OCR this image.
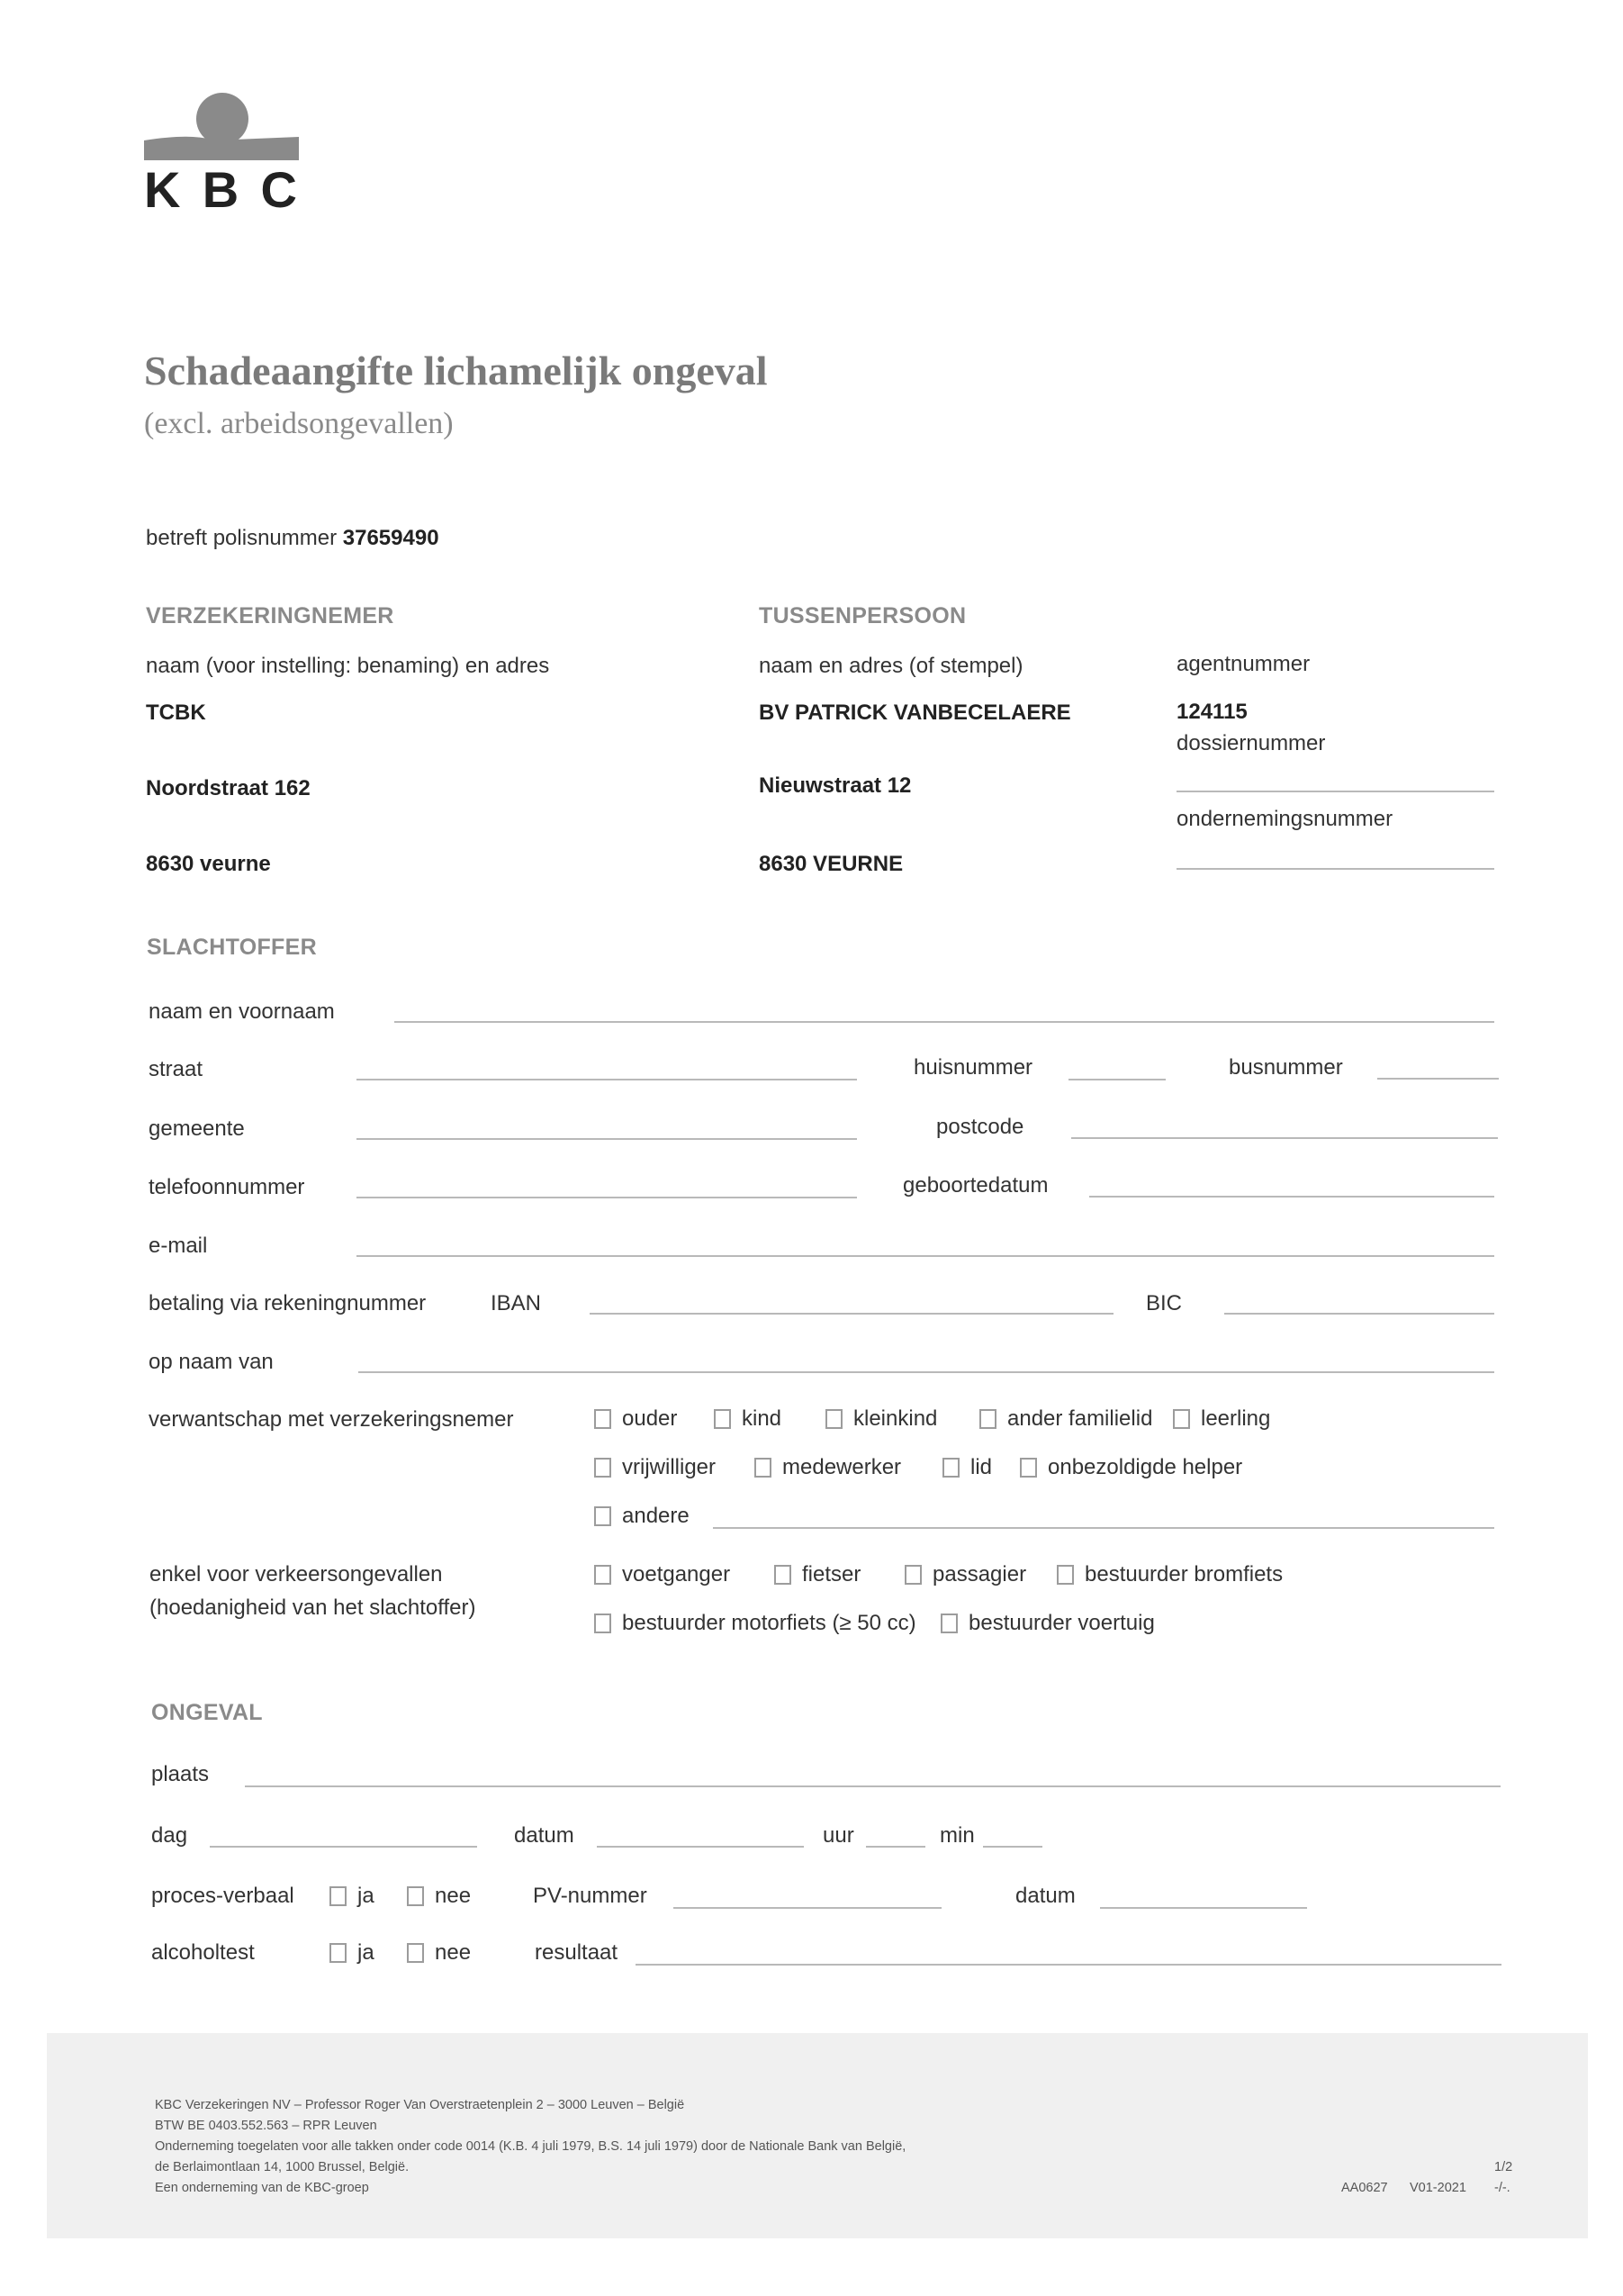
KBC
Schadeaangifte lichamelijk ongeval
(excl. arbeidsongevallen)
betreft polisnummer 37659490
VERZEKERINGNEMER
naam (voor instelling: benaming) en adres
TCBK
Noordstraat 162
8630 veurne
TUSSENPERSOON
naam en adres (of stempel)
BV PATRICK VANBECELAERE
Nieuwstraat 12
8630 VEURNE
agentnummer
124115
dossiernummer
ondernemingsnummer
SLACHTOFFER
naam en voornaam
straat	huisnummer	busnummer
gemeente	postcode
telefoonnummer	geboortedatum
e-mail
betaling via rekeningnummer	IBAN	BIC
op naam van
verwantschap met verzekeringsnemer	ouder	kind	kleinkind	ander familielid leerling
vrijwilliger	medewerker	lid	onbezoldigde helper
andere
enkel voor verkeersongevallen
(hoedanigheid van het slachtoffer)
voetganger	fietser	passagier	bestuurder bromfiets
bestuurder motorfiets (≥ 50 cc) bestuurder voertuig
ONGEVAL
plaats
dag	datum	uur	min
proces-verbaal	ja	nee	PV-nummer	datum
alcoholtest	ja	nee	resultaat
KBC Verzekeringen NV – Professor Roger Van Overstraetenplein 2 – 3000 Leuven – België
BTW BE 0403.552.563 – RPR Leuven
Onderneming toegelaten voor alle takken onder code 0014 (K.B. 4 juli 1979, B.S. 14 juli 1979) door de Nationale Bank van België,
de Berlaimontlaan 14, 1000 Brussel, België.
Een onderneming van de KBC-groep
1/2
AA0627 V01-2021 -/-.
